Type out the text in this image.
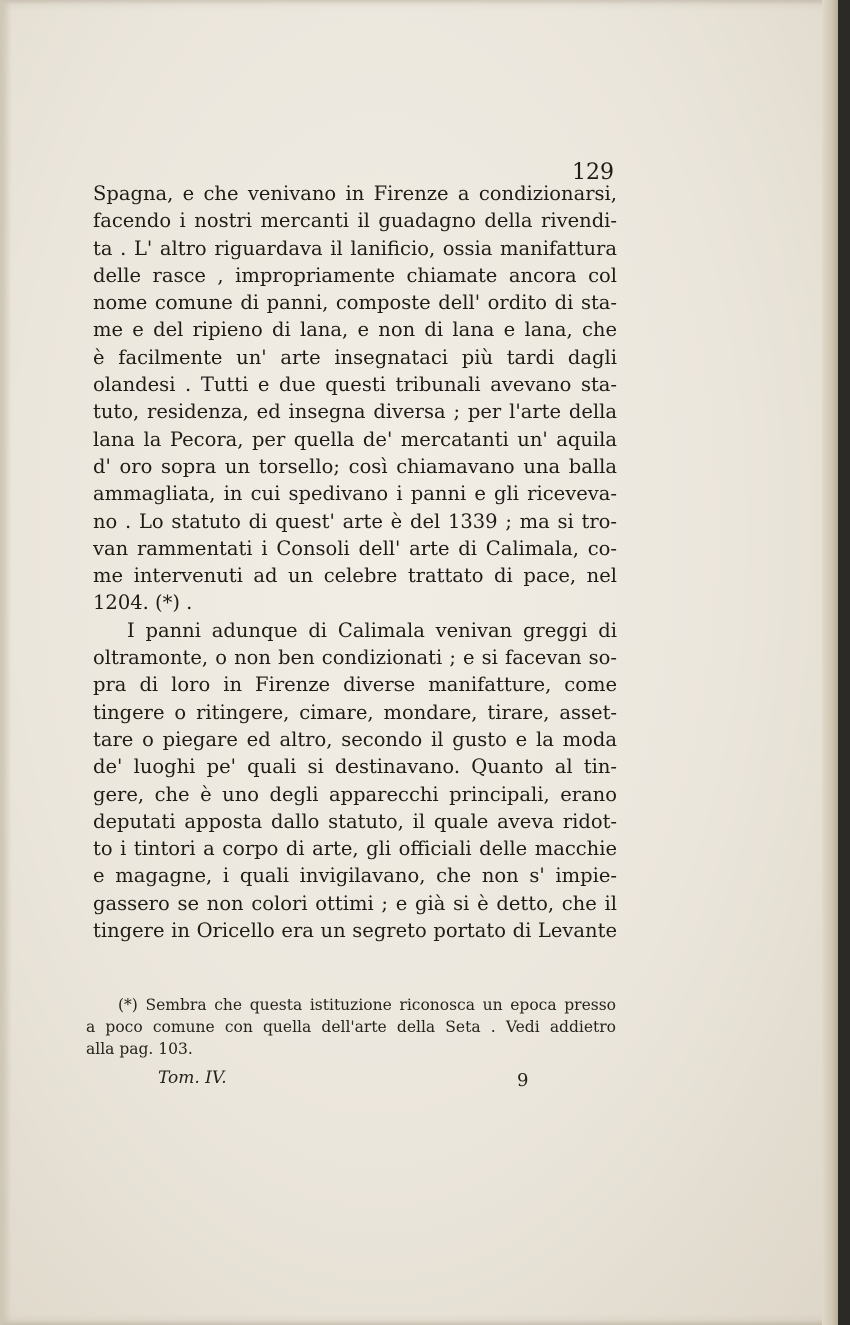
129
Spagna, e che venivano in Firenze a condizionarsi,
facendo i nostri mercanti il guadagno della rivendi-
ta . L' altro riguardava il lanificio, ossia manifattura
delle rasce , impropriamente chiamate ancora col
nome comune di panni, composte dell' ordito di sta-
me e del ripieno di lana, e non di lana e lana, che
è facilmente un' arte insegnataci più tardi dagli
olandesi . Tutti e due questi tribunali avevano sta-
tuto, residenza, ed insegna diversa ; per l'arte della
lana la Pecora, per quella de' mercatanti un' aquila
d' oro sopra un torsello; così chiamavano una balla
ammagliata, in cui spedivano i panni e gli riceveva-
no . Lo statuto di quest' arte è del 1339 ; ma si tro-
van rammentati i Consoli dell' arte di Calimala, co-
me intervenuti ad un celebre trattato di pace, nel
1204. (*) .
I panni adunque di Calimala venivan greggi di
oltramonte, o non ben condizionati ; e si facevan so-
pra di loro in Firenze diverse manifatture, come
tingere o ritingere, cimare, mondare, tirare, asset-
tare o piegare ed altro, secondo il gusto e la moda
de' luoghi pe' quali si destinavano. Quanto al tin-
gere, che è uno degli apparecchi principali, erano
deputati apposta dallo statuto, il quale aveva ridot-
to i tintori a corpo di arte, gli officiali delle macchie
e magagne, i quali invigilavano, che non s' impie-
gassero se non colori ottimi ; e già si è detto, che il
tingere in Oricello era un segreto portato di Levante
(*) Sembra che questa istituzione riconosca un epoca presso
a poco comune con quella dell'arte della Seta . Vedi addietro
alla pag. 103.
Tom. IV.	9
